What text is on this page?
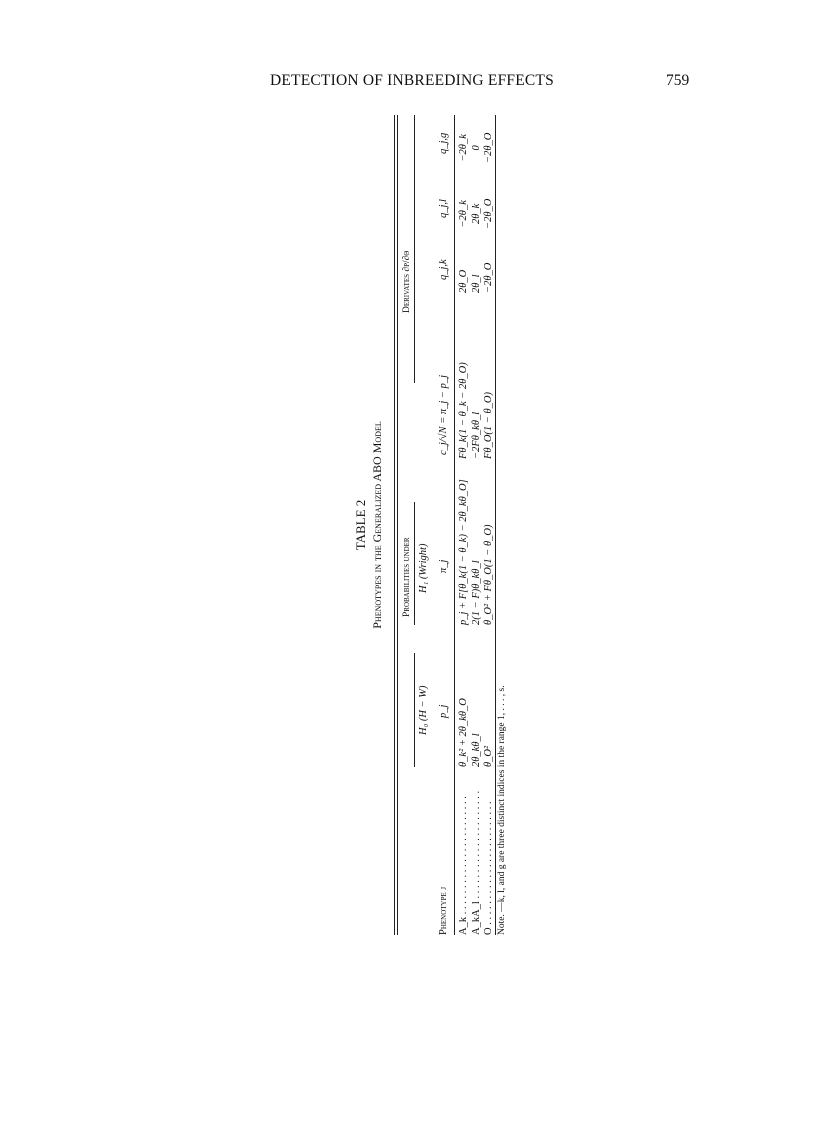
DETECTION OF INBREEDING EFFECTS	759
TABLE 2 Phenotypes in the Generalized ABO Model Probabilities under
Derivates ∂p/∂θ
H₀ (H − W)
H₁ (Wright)
Phenotype j
p_j
π_j
c_j/√N = π_j − p_j
q_j,k
q_j,l
q_j,g
A_k . . . . . . . . . . . . . . . . . . . . . . . A_kA_l . . . . . . . . . . . . . . . . . . . . . O . . . . . . . . . . . . . . . . . . . . . . . .
θ_k² + 2θ_kθ_O 2θ_kθ_l θ_O²
p_j + F[θ_k(1 − θ_k) − 2θ_kθ_O] 2(1 − F)θ_kθ_l θ_O² + Fθ_O(1 − θ_O)
Fθ_k(1 − θ_k − 2θ_O) −2Fθ_kθ_l Fθ_O(1 − θ_O)
2θ_O 2θ_l −2θ_O
−2θ_k 2θ_k −2θ_O
−2θ_k 0 −2θ_O
Note. —k, l, and g are three distinct indices in the range 1, . . . , s.
